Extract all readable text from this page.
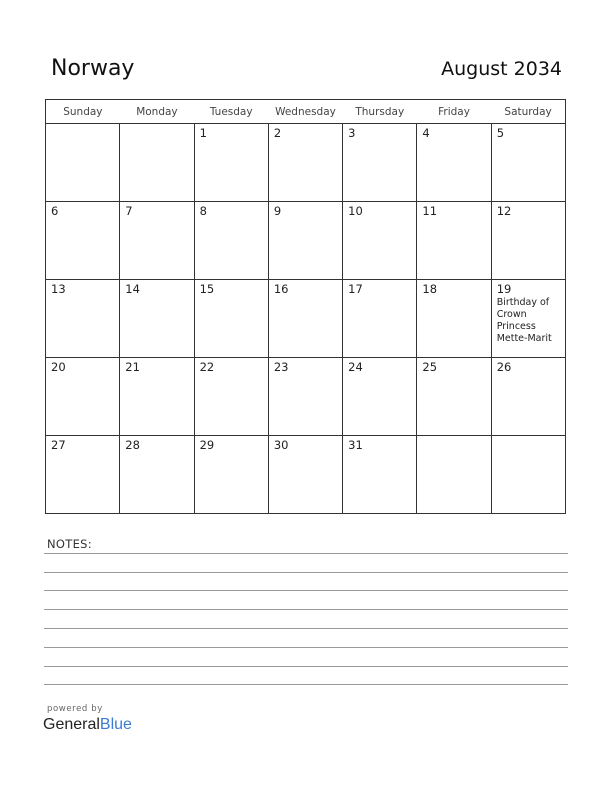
Norway	August 2034
Sunday	Monday	Tuesday	Wednesday	Thursday	Friday	Saturday

		1	2	3	4	5

6	7	8	9	10	11	12

13	14	15	16	17	18	19
Birthday of Crown Princess Mette-Marit

20	21	22	23	24	25	26

27	28	29	30	31		

NOTES:
powered by
GeneralBlue
